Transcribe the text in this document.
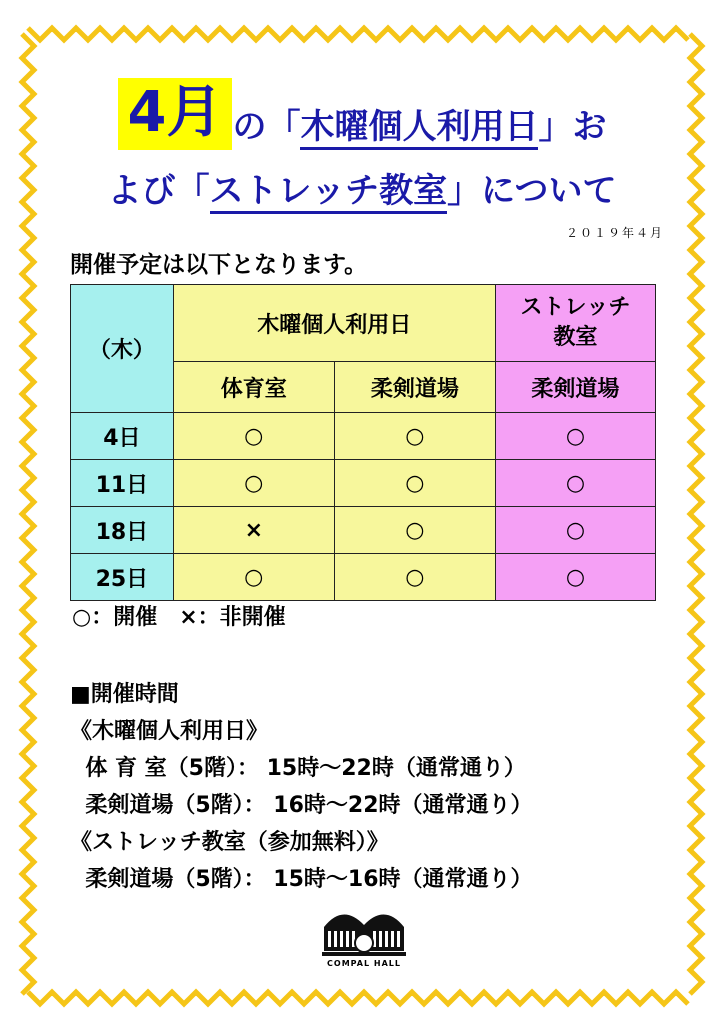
4月 の「木曜個人利用日」お
よび「ストレッチ教室」について
２０１９年４月
開催予定は以下となります。
（木）	木曜個人利用日		ストレッチ
教室

	体育室	柔剣道場	柔剣道場
4日	○	○	○
11日	○	○	○
18日	×	○	○
25日	○	○	○
○：開催　×：非開催
■開催時間
《木曜個人利用日》
体 育 室（5階）： 15時～22時（通常通り）
柔剣道場（5階）： 16時～22時（通常通り）
《ストレッチ教室（参加無料）》
柔剣道場（5階）： 15時～16時（通常通り）
COMPAL HALL
